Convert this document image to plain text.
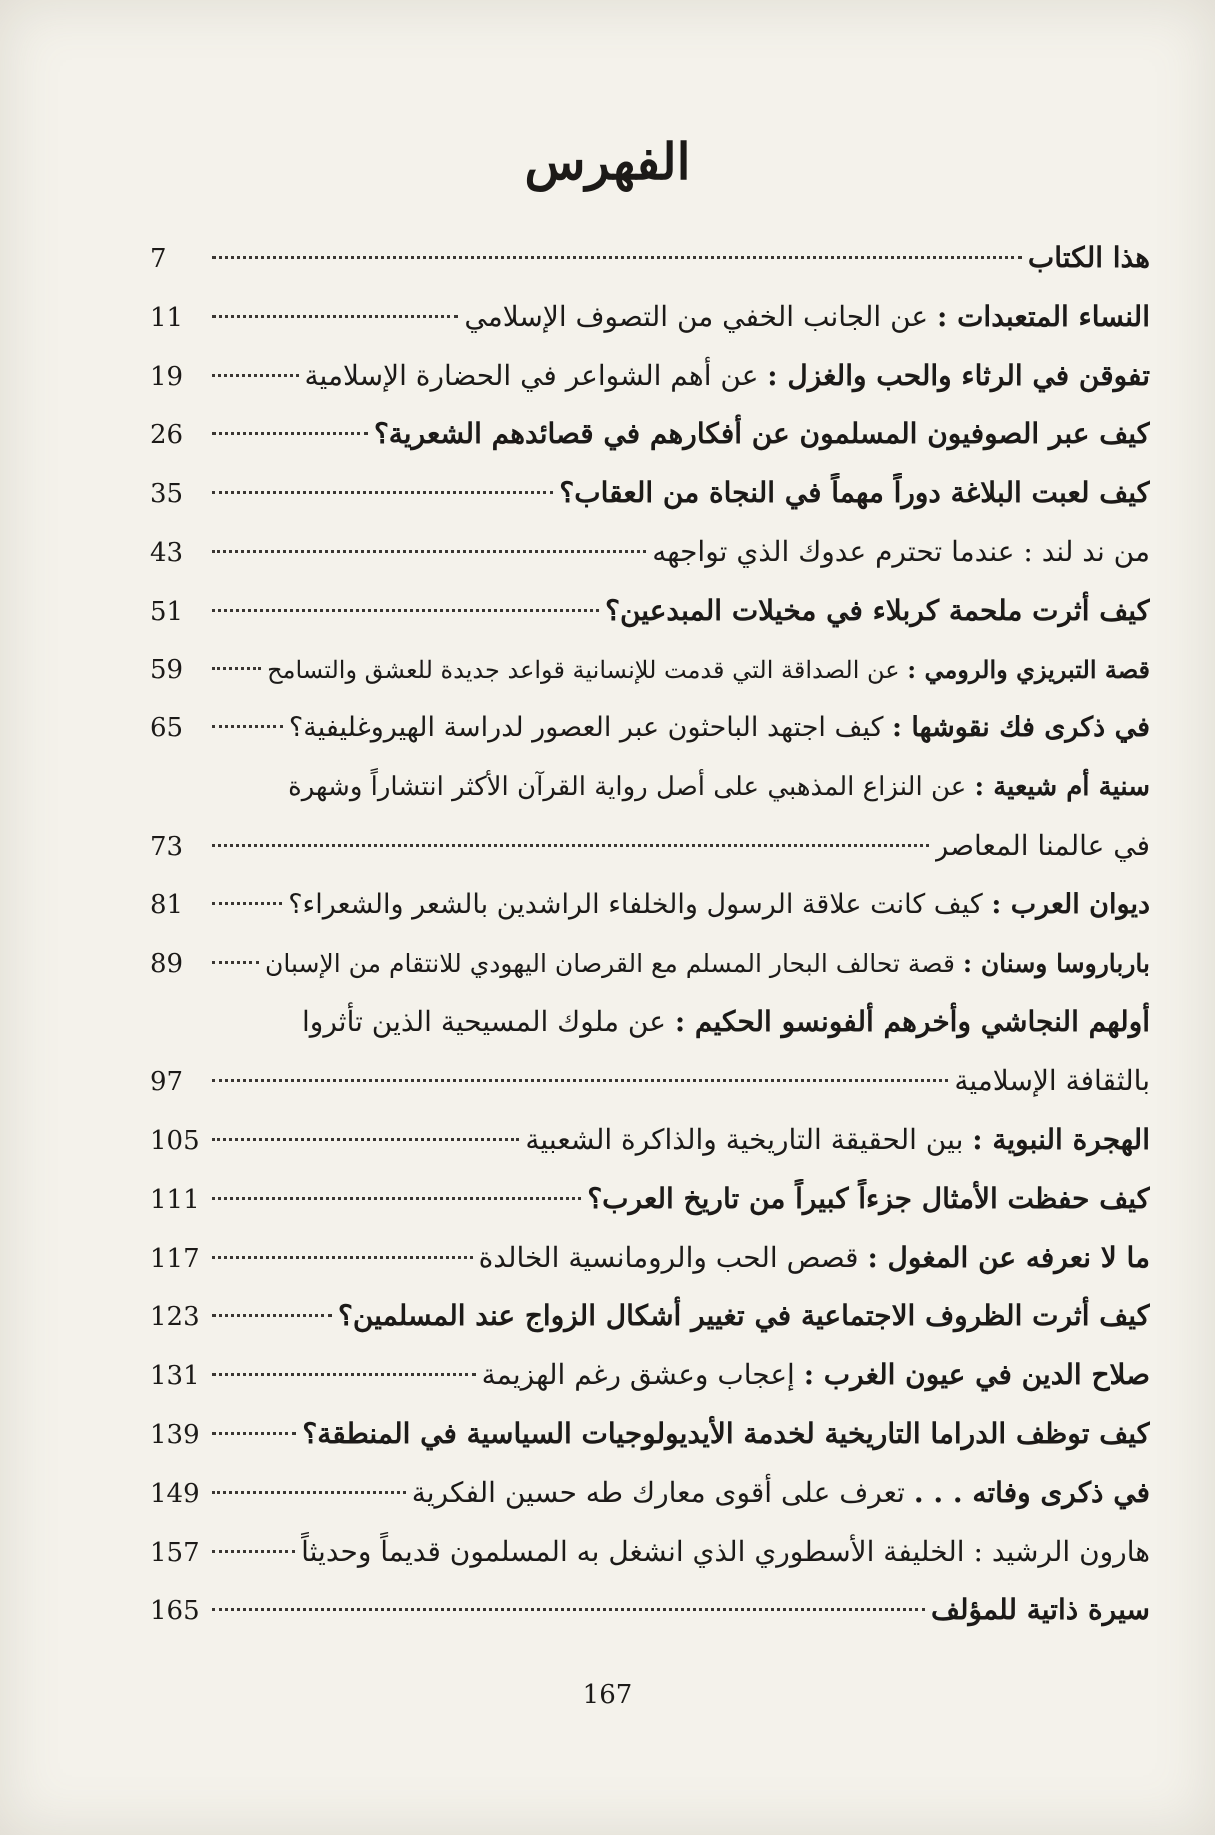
الفهرس
هذا الكتاب
7
النساء المتعبدات : عن الجانب الخفي من التصوف الإسلامي
11
تفوقن في الرثاء والحب والغزل : عن أهم الشواعر في الحضارة الإسلامية
19
كيف عبر الصوفيون المسلمون عن أفكارهم في قصائدهم الشعرية؟
26
كيف لعبت البلاغة دوراً مهماً في النجاة من العقاب؟
35
من ند لند : عندما تحترم عدوك الذي تواجهه
43
كيف أثرت ملحمة كربلاء في مخيلات المبدعين؟
51
قصة التبريزي والرومي : عن الصداقة التي قدمت للإنسانية قواعد جديدة للعشق والتسامح
59
في ذكرى فك نقوشها : كيف اجتهد الباحثون عبر العصور لدراسة الهيروغليفية؟
65
سنية أم شيعية : عن النزاع المذهبي على أصل رواية القرآن الأكثر انتشاراً وشهرة
في عالمنا المعاصر
73
ديوان العرب : كيف كانت علاقة الرسول والخلفاء الراشدين بالشعر والشعراء؟
81
بارباروسا وسنان : قصة تحالف البحار المسلم مع القرصان اليهودي للانتقام من الإسبان
89
أولهم النجاشي وأخرهم ألفونسو الحكيم : عن ملوك المسيحية الذين تأثروا
بالثقافة الإسلامية
97
الهجرة النبوية : بين الحقيقة التاريخية والذاكرة الشعبية
105
كيف حفظت الأمثال جزءاً كبيراً من تاريخ العرب؟
111
ما لا نعرفه عن المغول : قصص الحب والرومانسية الخالدة
117
كيف أثرت الظروف الاجتماعية في تغيير أشكال الزواج عند المسلمين؟
123
صلاح الدين في عيون الغرب : إعجاب وعشق رغم الهزيمة
131
كيف توظف الدراما التاريخية لخدمة الأيديولوجيات السياسية في المنطقة؟
139
في ذكرى وفاته . . . تعرف على أقوى معارك طه حسين الفكرية
149
هارون الرشيد : الخليفة الأسطوري الذي انشغل به المسلمون قديماً وحديثاً
157
سيرة ذاتية للمؤلف
165
167
